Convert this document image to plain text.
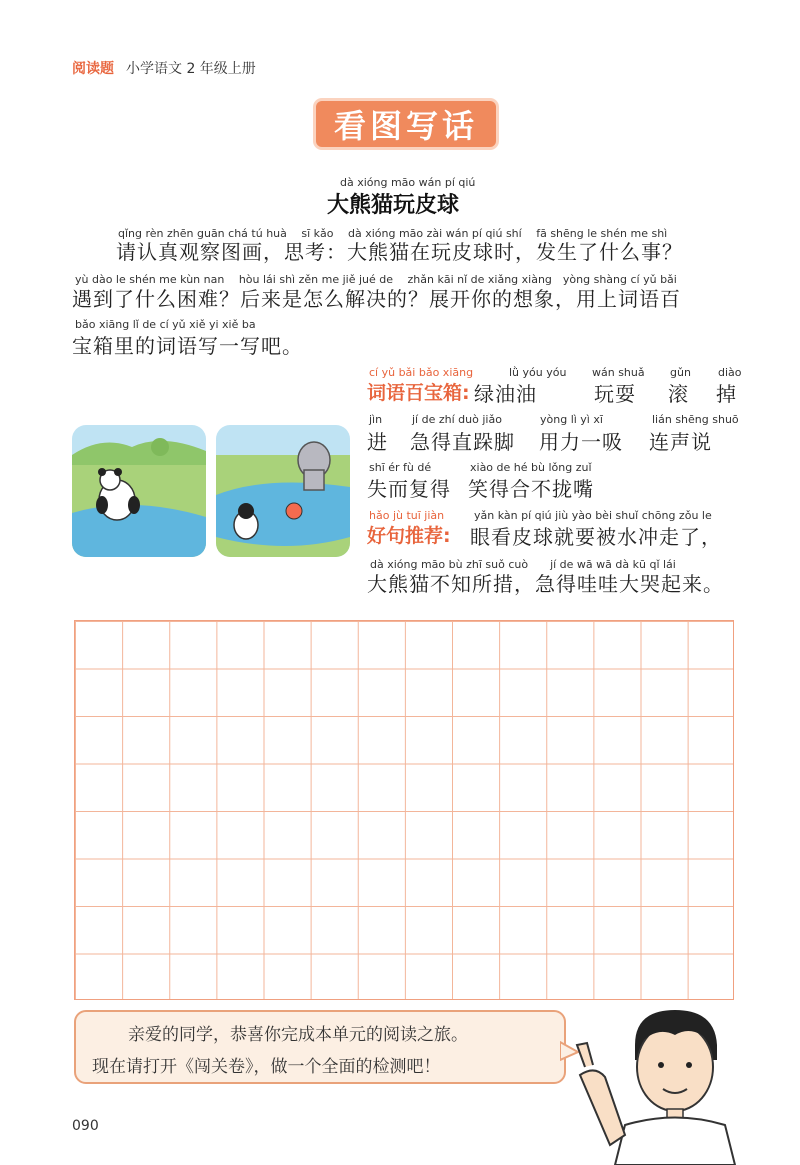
阅读题 小学语文 2 年级上册
看图写话
dà xióng māo wán pí qiú
大熊猫玩皮球
qǐng rèn zhēn guān chá tú huà　 sī kǎo　 dà xióng māo zài wán pí qiú shí　 fā shēng le shén me shì
请认真观察图画，思考：大熊猫在玩皮球时，发生了什么事？
yù dào le shén me kùn nan　 hòu lái shì zěn me jiě jué de　 zhǎn kāi nǐ de xiǎng xiàng　yòng shàng cí yǔ bǎi
遇到了什么困难？后来是怎么解决的？展开你的想象，用上词语百
bǎo xiāng lǐ de cí yǔ xiě yi xiě ba
宝箱里的词语写一写吧。
cí yǔ bǎi bǎo xiāng
词语百宝箱:
lǜ yóu yóu
绿油油
wán shuǎ
玩耍
gǔn
滚
diào
掉
jìn
进
jí de zhí duò jiǎo
急得直跺脚
yòng lì yì xī
用力一吸
lián shēng shuō
连声说
shī ér fù dé
失而复得
xiào de hé bù lǒng zuǐ
笑得合不拢嘴
hǎo jù tuī jiàn
好句推荐:
yǎn kàn pí qiú jiù yào bèi shuǐ chōng zǒu le
眼看皮球就要被水冲走了，
dà xióng māo bù zhī suǒ cuò　　jí de wā wā dà kū qǐ lái
大熊猫不知所措，急得哇哇大哭起来。
亲爱的同学，恭喜你完成本单元的阅读之旅。
现在请打开《闯关卷》，做一个全面的检测吧！
090
